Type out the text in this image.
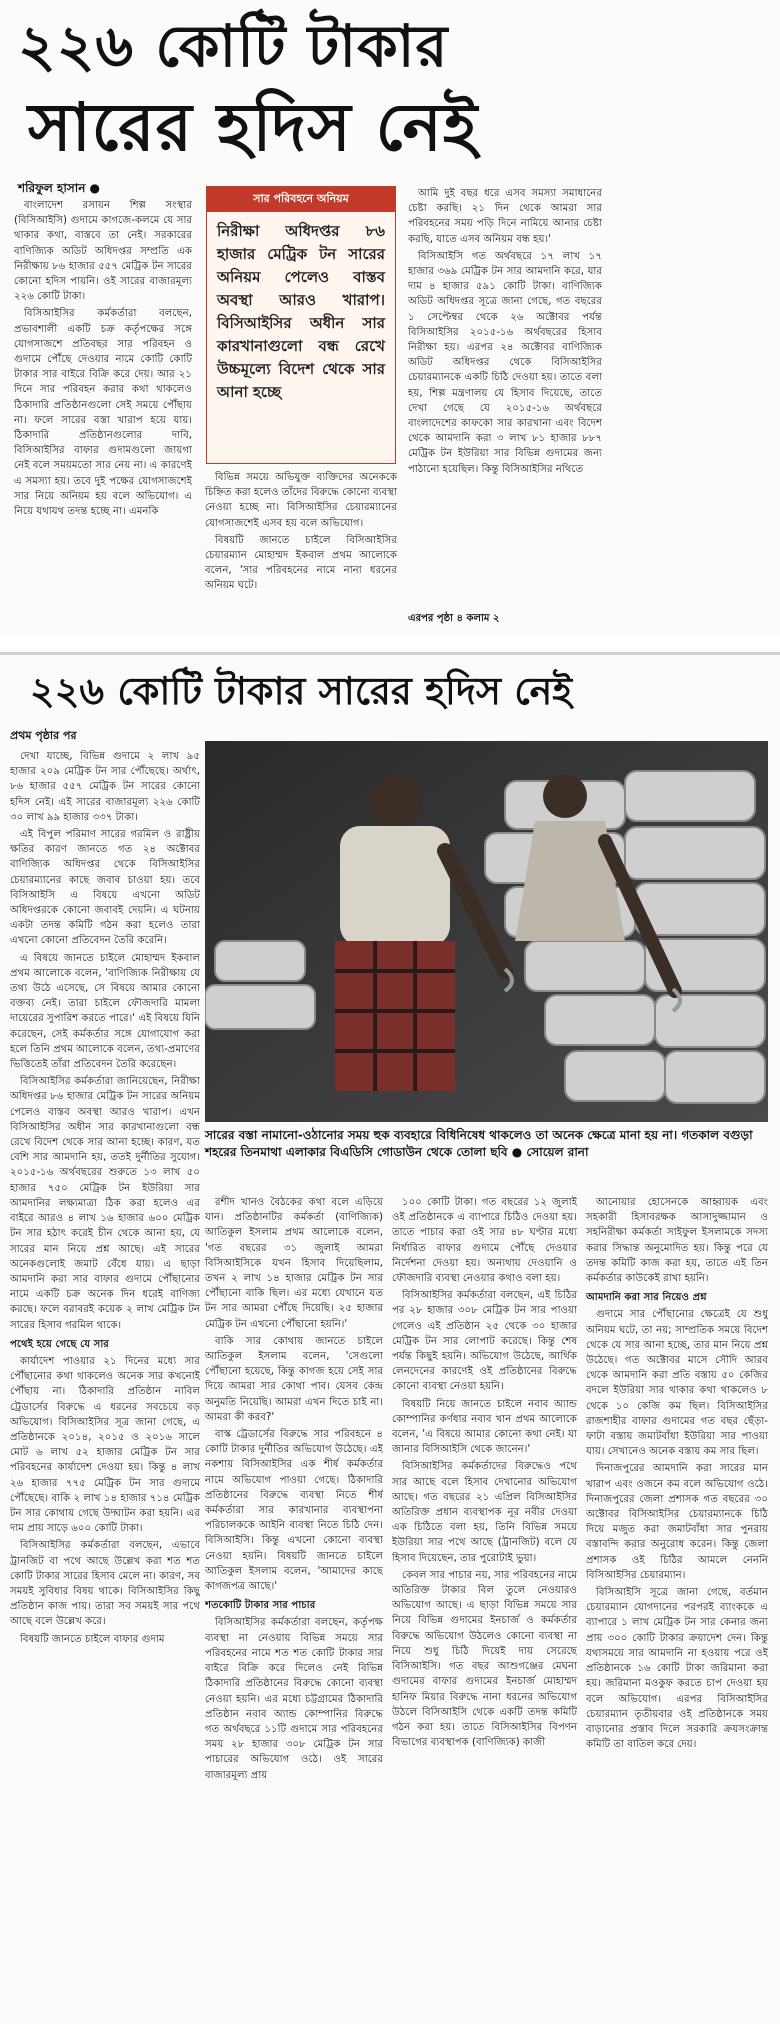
২২৬ কোটি টাকার
সারের হদিস নেই
শরিফুল হাসান ●

বাংলাদেশ রসায়ন শিল্প সংস্থার (বিসিআইসি) গুদামে কাগজে-কলমে যে সার থাকার কথা, বাস্তবে তা নেই। সরকারের বাণিজ্যিক অডিট অধিদপ্তর সম্প্রতি এক নিরীক্ষায় ৮৬ হাজার ৫৫৭ মেট্রিক টন সারের কোনো হদিস পায়নি। ওই সারের বাজারমূল্য ২২৬ কোটি টাকা।

বিসিআইসির কর্মকর্তারা বলছেন, প্রভাবশালী একটি চক্র কর্তৃপক্ষের সঙ্গে যোগসাজশে প্রতিবছর সার পরিবহন ও গুদামে পৌঁছে দেওয়ার নামে কোটি কোটি টাকার সার বাইরে বিক্রি করে দেয়। আর ২১ দিনে সার পরিবহন করার কথা থাকলেও ঠিকাদারি প্রতিষ্ঠানগুলো সেই সময়ে পৌঁছায় না। ফলে সারের বস্তা খারাপ হয়ে যায়। ঠিকাদারি প্রতিষ্ঠানগুলোর দাবি, বিসিআইসির বাফার গুদামগুলো জায়গা নেই বলে সময়মতো সার নেয় না। এ কারণেই এ সমস্যা হয়। তবে দুই পক্ষের যোগসাজশেই সার নিয়ে অনিয়ম হয় বলে অভিযোগ। এ নিয়ে যথাযথ তদন্ত হচ্ছে না। এমনকি

সার পরিবহনে অনিয়ম
নিরীক্ষা অধিদপ্তর ৮৬ হাজার মেট্রিক টন সারের অনিয়ম পেলেও বাস্তব অবস্থা আরও খারাপ। বিসিআইসির অধীন সার কারখানাগুলো বন্ধ রেখে উচ্চমূল্যে বিদেশ থেকে সার আনা হচ্ছে

বিভিন্ন সময়ে অভিযুক্ত ব্যক্তিদের অনেককে চিহ্নিত করা হলেও তাঁদের বিরুদ্ধে কোনো ব্যবস্থা নেওয়া হচ্ছে না। বিসিআইসির চেয়ারম্যানের যোগসাজশেই এসব হয় বলে অভিযোগ।

বিষয়টি জানতে চাইলে বিসিআইসির চেয়ারম্যান মোহাম্মদ ইকবাল প্রথম আলোকে বলেন, 'সার পরিবহনের নামে নানা ধরনের অনিয়ম ঘটে।

আমি দুই বছর ধরে এসব সমস্যা সমাধানের চেষ্টা করছি। ২১ দিন থেকে আমরা সার পরিবহনের সময় পড়ি দিনে নামিয়ে আনার চেষ্টা করছি, যাতে এসব অনিয়ম বন্ধ হয়।'

বিসিআইসি গত অর্থবছরে ১৭ লাখ ১৭ হাজার ৩৬৯ মেট্রিক টন সার আমদানি করে, যার দাম ৪ হাজার ৫৯১ কোটি টাকা। বাণিজ্যিক অডিট অধিদপ্তর সূত্রে জানা গেছে, গত বছরের ১ সেপ্টেম্বর থেকে ২৬ অক্টোবর পর্যন্ত বিসিআইসির ২০১৫-১৬ অর্থবছরের হিসাব নিরীক্ষা হয়। এরপর ২৪ অক্টোবর বাণিজ্যিক অডিট অধিদপ্তর থেকে বিসিআইসির চেয়ারম্যানকে একটি চিঠি দেওয়া হয়। তাতে বলা হয়, শিল্প মন্ত্রণালয় যে হিসাব দিয়েছে, তাতে দেখা গেছে যে ২০১৫-১৬ অর্থবছরে বাংলাদেশের কাফকো সার কারখানা এবং বিদেশ থেকে আমদানি করা ৩ লাখ ৮১ হাজার ৮৮৭ মেট্রিক টন ইউরিয়া সার বিভিন্ন গুদামের জন্য পাঠানো হয়েছিল। কিন্তু বিসিআইসির নথিতে

এরপর পৃষ্ঠা ৪ কলাম ২
২২৬ কোটি টাকার সারের হদিস নেই
প্রথম পৃষ্ঠার পর
সারের বস্তা নামানো-ওঠানোর সময় হুক ব্যবহারে বিধিনিষেধ থাকলেও তা অনেক ক্ষেত্রে মানা হয় না। গতকাল বগুড়া শহরের তিনমাথা এলাকার বিএডিসি গোডাউন থেকে তোলা ছবি ● সোয়েল রানা

দেখা যাচ্ছে, বিভিন্ন গুদামে ২ লাখ ৯৫ হাজার ২০৯ মেট্রিক টন সার পৌঁছেছে। অর্থাৎ, ৮৬ হাজার ৫৫৭ মেট্রিক টন সারের কোনো হদিস নেই। এই সারের বাজারমূল্য ২২৬ কোটি ৩০ লাখ ৯৯ হাজার ৩৩৭ টাকা।

এই বিপুল পরিমাণ সারের গরমিল ও রাষ্ট্রীয় ক্ষতির কারণ জানতে গত ২৪ অক্টোবর বাণিজ্যিক অধিদপ্তর থেকে বিসিআইসির চেয়ারম্যানের কাছে জবাব চাওয়া হয়। তবে বিসিআইসি এ বিষয়ে এখনো অডিট অধিদপ্তরকে কোনো জবাবই দেয়নি। এ ঘটনায় একটা তদন্ত কমিটি গঠন করা হলেও তারা এখনো কোনো প্রতিবেদন তৈরি করেনি।

এ বিষয়ে জানতে চাইলে মোহাম্মদ ইকবাল প্রথম আলোকে বলেন, 'বাণিজ্যিক নিরীক্ষায় যে তথ্য উঠে এসেছে, সে বিষয়ে আমার কোনো বক্তব্য নেই। তারা চাইলে ফৌজদারি মামলা দায়েরের সুপারিশ করতে পারে।' এই বিষয়ে যিনি করেছেন, সেই কর্মকর্তার সঙ্গে যোগাযোগ করা হলে তিনি প্রথম আলোকে বলেন, তথ্য-প্রমাণের ভিত্তিতেই তাঁরা প্রতিবেদন তৈরি করেছেন।

বিসিআইসির কর্মকর্তারা জানিয়েছেন, নিরীক্ষা অধিদপ্তর ৮৬ হাজার মেট্রিক টন সারের অনিয়ম পেলেও বাস্তব অবস্থা আরও খারাপ। এখন বিসিআইসির অধীন সার কারখানাগুলো বন্ধ রেখে বিদেশ থেকে সার আনা হচ্ছে। কারণ, যত বেশি সার আমদানি হয়, ততই দুর্নীতির সুযোগ। ২০১৫-১৬ অর্থবছরের শুরুতে ১৩ লাখ ৫০ হাজার ৭৫০ মেট্রিক টন ইউরিয়া সার আমদানির লক্ষ্যমাত্রা ঠিক করা হলেও এর বাইরে আরও ৪ লাখ ১৬ হাজার ৬০০ মেট্রিক টন সার হঠাৎ করেই চীন থেকে আনা হয়, যে সারের মান নিয়ে প্রশ্ন আছে। এই সারের অনেকগুলোই জমাট বেঁধে যায়। এ ছাড়া আমদানি করা সার বাফার গুদামে পৌঁছানোর নামে একটি চক্র অনেক দিন ধরেই বাণিজ্য করছে। ফলে বরাবরই কয়েক ২ লাখ মেট্রিক টন সারের হিসাব গরমিল থাকে।

পথেই হয়ে গেছে যে সার

কার্যাদেশ পাওয়ার ২১ দিনের মধ্যে সার পৌঁছানোর কথা থাকলেও অনেক সার কখনোই পৌঁছায় না। ঠিকাদারি প্রতিষ্ঠান নাবিল ট্রেডার্সের বিরুদ্ধে এ ধরনের সবচেয়ে বড় অভিযোগ। বিসিআইসির সূত্র জানা গেছে, এ প্রতিষ্ঠানকে ২০১৪, ২০১৫ ও ২০১৬ সালে মোট ৬ লাখ ৫২ হাজার মেট্রিক টন সার পরিবহনের কার্যাদেশ দেওয়া হয়। কিন্তু ৪ লাখ ২৬ হাজার ৭৭৫ মেট্রিক টন সার গুদামে পৌঁছেছে। বাকি ২ লাখ ১৪ হাজার ৭১৪ মেট্রিক টন সার কোথায় গেছে উদ্ঘাটন করা হয়নি। এর দাম প্রায় সাড়ে ৬০০ কোটি টাকা।

বিসিআইসির কর্মকর্তারা বলছেন, এভাবে ট্রানজিট বা পথে আছে উল্লেখ করা শত শত কোটি টাকার সারের হিসাব মেলে না। কারণ, সব সময়ই সুবিধার বিষয় থাকে। বিসিআইসির কিছু প্রতিষ্ঠান কাজ পায়। তারা সব সময়ই সার পথে আছে বলে উল্লেখ করে।

বিষয়টি জানতে চাইলে বাফার গুদাম

রশীদ খানও বৈঠকের কথা বলে এড়িয়ে যান। প্রতিষ্ঠানটির কর্মকর্তা (বাণিজ্যিক) আতিকুল ইসলাম প্রথম আলোকে বলেন, 'গত বছরের ৩১ জুলাই আমরা বিসিআইসিকে যখন হিসাব দিয়েছিলাম, তখন ২ লাখ ১৪ হাজার মেট্রিক টন সার পৌঁছানো বাকি ছিল। এর মধ্যে যেখানে যত টন সার আমরা পৌঁছে দিয়েছি। ২৫ হাজার মেট্রিক টন এখনো পৌঁছানো হয়নি।'

বাকি সার কোথায় জানতে চাইলে আতিকুল ইসলাম বলেন, 'সেগুলো পৌঁছানো হয়েছে, কিন্তু কাগজ হয়ে সেই সার দিয়ে আমরা সার কোথা পাব। যেসব কেন্দ্র অনুমতি নিয়েছি। আমরা এখন দিতে চাই না। আমরা কী করব?'

বাস্ক ট্রেডার্সের বিরুদ্ধে সার পরিবহনে ৪ কোটি টাকার দুর্নীতির অভিযোগ উঠেছে। এই নকশায় বিসিআইসির এক শীর্ষ কর্মকর্তার নামে অভিযোগ পাওয়া গেছে। ঠিকাদারি প্রতিষ্ঠানের বিরুদ্ধে ব্যবস্থা নিতে শীর্ষ কর্মকর্তারা সার কারখানার ব্যবস্থাপনা পরিচালককে আইনি ব্যবস্থা নিতে চিঠি দেন। বিসিআইসি। কিন্তু এখনো কোনো ব্যবস্থা নেওয়া হয়নি। বিষয়টি জানতে চাইলে আতিকুল ইসলাম বলেন, 'আমাদের কাছে কাগজপত্র আছে।'

শতকোটি টাকার সার পাচার

বিসিআইসির কর্মকর্তারা বলছেন, কর্তৃপক্ষ ব্যবস্থা না নেওয়ায় বিভিন্ন সময়ে সার পরিবহনের নামে শত শত কোটি টাকার সার বাইরে বিক্রি করে দিলেও নেই বিভিন্ন ঠিকাদারি প্রতিষ্ঠানের বিরুদ্ধে কোনো ব্যবস্থা নেওয়া হয়নি। এর মধ্যে চট্টগ্রামের ঠিকাদারি প্রতিষ্ঠান নবাব অ্যান্ড কোম্পানির বিরুদ্ধে গত অর্থবছরে ১১টি গুদামে সার পরিবহনের সময় ২৮ হাজার ৩০৮ মেট্রিক টন সার পাচারের অভিযোগ ওঠে। ওই সারের বাজারমূল্য প্রায়

১০০ কোটি টাকা। গত বছরের ১২ জুলাই ওই প্রতিষ্ঠানকে এ ব্যাপারে চিঠিও দেওয়া হয়। তাতে পাচার করা ওই সার ৪৮ ঘণ্টার মধ্যে নির্ধারিত বাফার গুদামে পৌঁছে দেওয়ার নির্দেশনা দেওয়া হয়। অন্যথায় দেওয়ানি ও ফৌজদারি ব্যবস্থা নেওয়ার কথাও বলা হয়।

বিসিআইসির কর্মকর্তারা বলছেন, এই চিঠির পর ২৮ হাজার ৩০৮ মেট্রিক টন সার পাওয়া গেলেও এই প্রতিষ্ঠান ২৫ থেকে ৩০ হাজার মেট্রিক টন সার লোপাট করেছে। কিন্তু শেষ পর্যন্ত কিছুই হয়নি। অভিযোগ উঠেছে, আর্থিক লেনদেনের কারণেই ওই প্রতিষ্ঠানের বিরুদ্ধে কোনো ব্যবস্থা নেওয়া হয়নি।

বিষয়টি নিয়ে জানতে চাইলে নবাব অ্যান্ড কোম্পানির কর্ণধার নবাব খান প্রথম আলোকে বলেন, 'এ বিষয়ে আমার কোনো কথা নেই। যা জানার বিসিআইসি থেকে জানেন।'

বিসিআইসির কর্মকর্তাদের বিরুদ্ধেও পথে সার আছে বলে হিসাব দেখানোর অভিযোগ আছে। গত বছরের ২১ এপ্রিল বিসিআইসির অতিরিক্ত প্রধান ব্যবস্থাপক নূর নবীর দেওয়া এক চিঠিতে বলা হয়, তিনি বিভিন্ন সময়ে ইউরিয়া সার পথে আছে (ট্রানজিট) বলে যে হিসাব দিয়েছেন, তার পুরোটাই ভুয়া।

কেবল সার পাচার নয়, সার পরিবহনের নামে অতিরিক্ত টাকার বিল তুলে নেওয়ারও অভিযোগ আছে। এ ছাড়া বিভিন্ন সময়ে সার নিয়ে বিভিন্ন গুদামের ইনচার্জ ও কর্মকর্তার বিরুদ্ধে অভিযোগ উঠলেও কোনো ব্যবস্থা না নিয়ে শুধু চিঠি দিয়েই দায় সেরেছে বিসিআইসি। গত বছর আশুগঞ্জের মেঘনা গুদামের বাফার গুদামের ইনচার্জ মোহাম্মদ হানিফ মিয়ার বিরুদ্ধে নানা ধরনের অভিযোগ উঠলে বিসিআইসি থেকে একটি তদন্ত কমিটি গঠন করা হয়। তাতে বিসিআইসির বিপণন বিভাগের ব্যবস্থাপক (বাণিজ্যিক) কাজী

আনোয়ার হোসেনকে আহ্বায়ক এবং সহকারী হিসাবরক্ষক আসাদুজ্জামান ও সহনিরীক্ষা কর্মকর্তা সাইফুল ইসলামকে সদস্য করার সিদ্ধান্ত অনুমোদিত হয়। কিন্তু পরে যে তদন্ত কমিটি কাজ করা হয়, তাতে এই তিন কর্মকর্তার কাউকেই রাখা হয়নি।

আমদানি করা সার নিয়েও প্রশ্ন

গুদামে সার পৌঁছানোর ক্ষেত্রেই যে শুধু অনিয়ম ঘটে, তা নয়; সাম্প্রতিক সময়ে বিদেশ থেকে যে সার আনা হচ্ছে, তার মান নিয়ে প্রশ্ন উঠেছে। গত অক্টোবর মাসে সৌদি আরব থেকে আমদানি করা প্রতি বস্তায় ৫০ কেজির বদলে ইউরিয়া সার থাকার কথা থাকলেও ৮ থেকে ১০ কেজি কম ছিল। বিসিআইসির রাজশাহীর বাফার গুদামের গত বছর ছেঁড়া-ফাটা বস্তায় জমাটবাঁধা ইউরিয়া সার পাওয়া যায়। সেখানেও অনেক বস্তায় কম সার ছিল।

দিনাজপুরের আমদানি করা সারের মান খারাপ এবং ওজনে কম বলে অভিযোগ ওঠে। দিনাজপুরের জেলা প্রশাসক গত বছরের ৩০ অক্টোবর বিসিআইসির চেয়ারম্যানকে চিঠি দিয়ে মজুত করা জমাটবাঁধা সার পুনরায় বস্তাবন্দি করার অনুরোধ করেন। কিন্তু জেলা প্রশাসক ওই চিঠির আমলে নেননি বিসিআইসির চেয়ারম্যান।

বিসিআইসি সূত্রে জানা গেছে, বর্তমান চেয়ারম্যান যোগদানের পরপরই ব্যাংককে এ ব্যাপারে ১ লাখ মেট্রিক টন সার কেনার জন্য প্রায় ৩০০ কোটি টাকার ক্রয়াদেশ দেন। কিন্তু যথাসময়ে সার আমদানি না হওয়ায় পরে ওই প্রতিষ্ঠানকে ১৬ কোটি টাকা জরিমানা করা হয়। জরিমানা মওকুফ করতে চাপ দেওয়া হয় বলে অভিযোগ। এরপর বিসিআইসির চেয়ারম্যান তৃতীয়বার ওই প্রতিষ্ঠানকে সময় বাড়ানোর প্রস্তাব দিলে সরকারি ক্রয়সংক্রান্ত কমিটি তা বাতিল করে দেয়।
